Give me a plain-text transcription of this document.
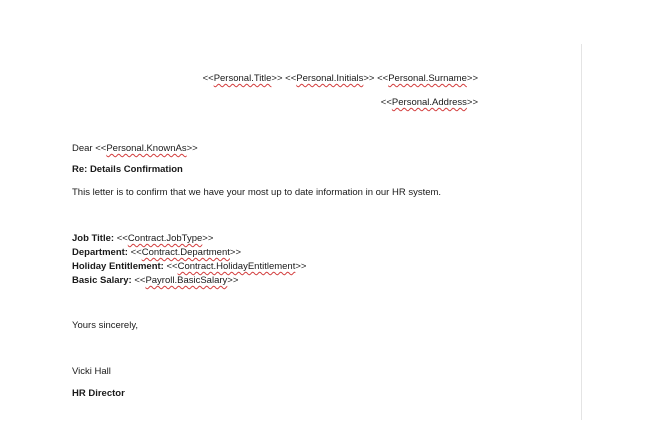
<<Personal.Title>> <<Personal.Initials>> <<Personal.Surname>>
<<Personal.Address>>
Dear <<Personal.KnownAs>>
Re: Details Confirmation
This letter is to confirm that we have your most up to date information in our HR system.
Job Title: <<Contract.JobType>>
Department: <<Contract.Department>>
Holiday Entitlement: <<Contract.HolidayEntitlement>>
Basic Salary: <<Payroll.BasicSalary>>
Yours sincerely,
Vicki Hall
HR Director
